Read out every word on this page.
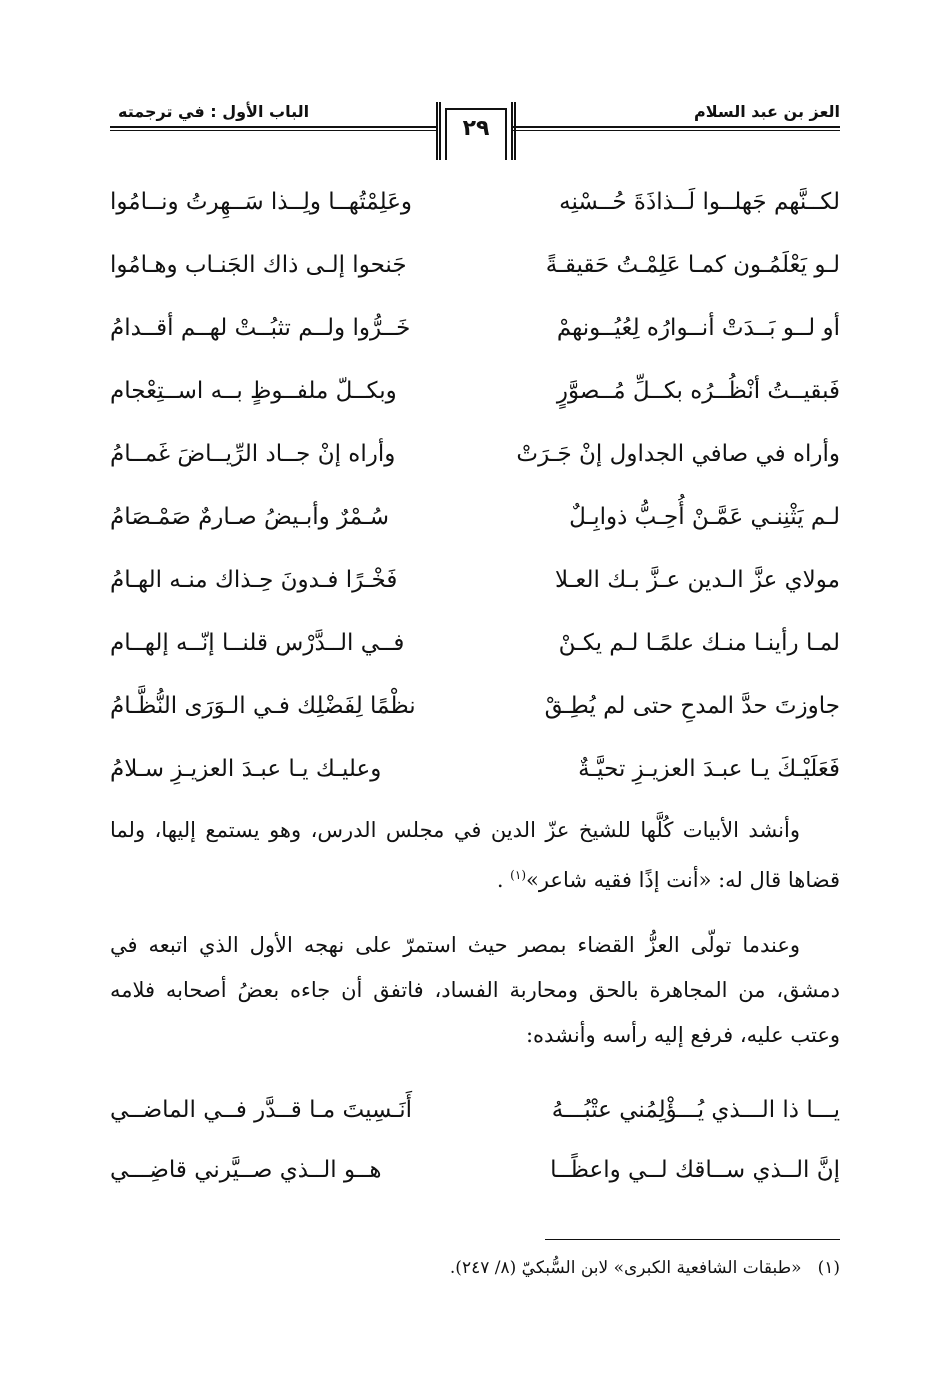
العز بن عبد السلام
الباب الأول : في ترجمته
٢٩
لكــنَّهم جَهلــوا لَــذاذَةَ حُــسْنِه
وعَلِمْتُهــا ولِــذا سَــهِرتُ ونــامُوا
لـو يَعْلَمُـون كمـا عَلِمْـتُ حَقيقـةً
جَنحوا إلـى ذاك الجَنـاب وهـامُوا
أو لــو بَــدَتْ أنــوارُه لِعُيُــونهمْ
خَــرُّوا ولــم تثبُــتْ لهــم أقــدامُ
فَبقيــتُ أنْظُــرُه بكــلِّ مُــصوَّرٍ
وبكــلّ ملفــوظٍ بــه اســتِعْجام
وأراه في صافي الجداول إنْ جَـرَتْ
وأراه إنْ جــاد الرِّيــاضَ غَمــامُ
لـم يَثْنِنـي عَمَّـنْ أُحِـبُّ ذوابِـلٌ
سُـمْرٌ وأبـيضُ صـارمٌ صَمْـصَامُ
مولاي عزَّ الـدين عـزَّ بـك العـلا
فَخْـرًا فـدونَ حِـذاك منـه الهـامُ
لمـا رأينـا منـك علمًـا لـم يكـنْ
فــي الــدَّرْس قلنــا إنّــه إلهــام
جاوزتَ حدَّ المدحِ حتى لم يُطِـقْ
نظْمًا لِفَضْلِك فـي الـوَرَى النُّظَّـامُ
فَعَلَيْـكَ يـا عبـدَ العزيـزِ تحيَّـةٌ
وعليـك يـا عبـدَ العزيـزِ سـلامُ

وأنشد الأبيات كُلَّها للشيخ عزّ الدين في مجلس الدرس، وهو يستمع إليها، ولما قضاها قال له: «أنت إذًا فقيه شاعر»$^{(١)}$ .

وعندما تولّى العزُّ القضاء بمصر حيث استمرّ على نهجه الأول الذي اتبعه في دمشق، من المجاهرة بالحق ومحاربة الفساد، فاتفق أن جاءه بعضُ أصحابه فلامه وعتب عليه، فرفع إليه رأسه وأنشده:

يـــا ذا الـــذي يُـــؤْلِمُني عتْبُـــهُ
أَنَـسِيتَ مـا قــدَّر فــي الماضــي
إنَّ الــذي ســاقك لــي واعظًــا
هــو الــذي صــيَّرني قاضِـــي
(١)«طبقات الشافعية الكبرى» لابن السُّبكيّ (٨/ ٢٤٧).
